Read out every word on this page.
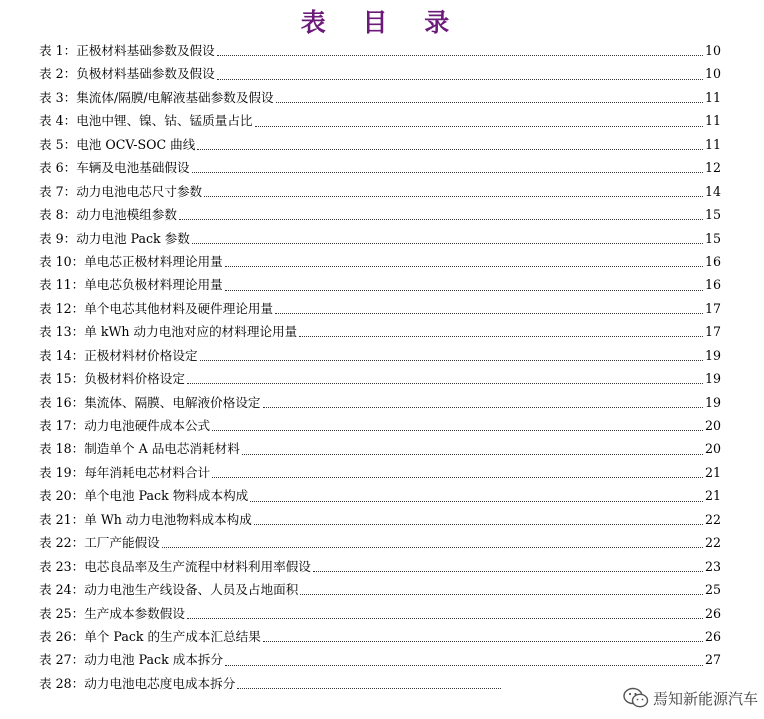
表 目 录
表 1：正极材料基础参数及假设	10
表 2：负极材料基础参数及假设	10
表 3：集流体/隔膜/电解液基础参数及假设	11
表 4：电池中锂、镍、钴、锰质量占比	11
表 5：电池 OCV-SOC 曲线	11
表 6：车辆及电池基础假设	12
表 7：动力电池电芯尺寸参数	14
表 8：动力电池模组参数	15
表 9：动力电池 Pack 参数	15
表 10：单电芯正极材料理论用量	16
表 11：单电芯负极材料理论用量	16
表 12：单个电芯其他材料及硬件理论用量	17
表 13：单 kWh 动力电池对应的材料理论用量	17
表 14：正极材料材价格设定	19
表 15：负极材料价格设定	19
表 16：集流体、隔膜、电解液价格设定	19
表 17：动力电池硬件成本公式	20
表 18：制造单个 A 品电芯消耗材料	20
表 19：每年消耗电芯材料合计	21
表 20：单个电池 Pack 物料成本构成	21
表 21：单 Wh 动力电池物料成本构成	22
表 22：工厂产能假设	22
表 23：电芯良品率及生产流程中材料利用率假设	23
表 24：动力电池生产线设备、人员及占地面积	25
表 25：生产成本参数假设	26
表 26：单个 Pack 的生产成本汇总结果	26
表 27：动力电池 Pack 成本拆分	27
表 28：动力电池电芯度电成本拆分
焉知新能源汽车
